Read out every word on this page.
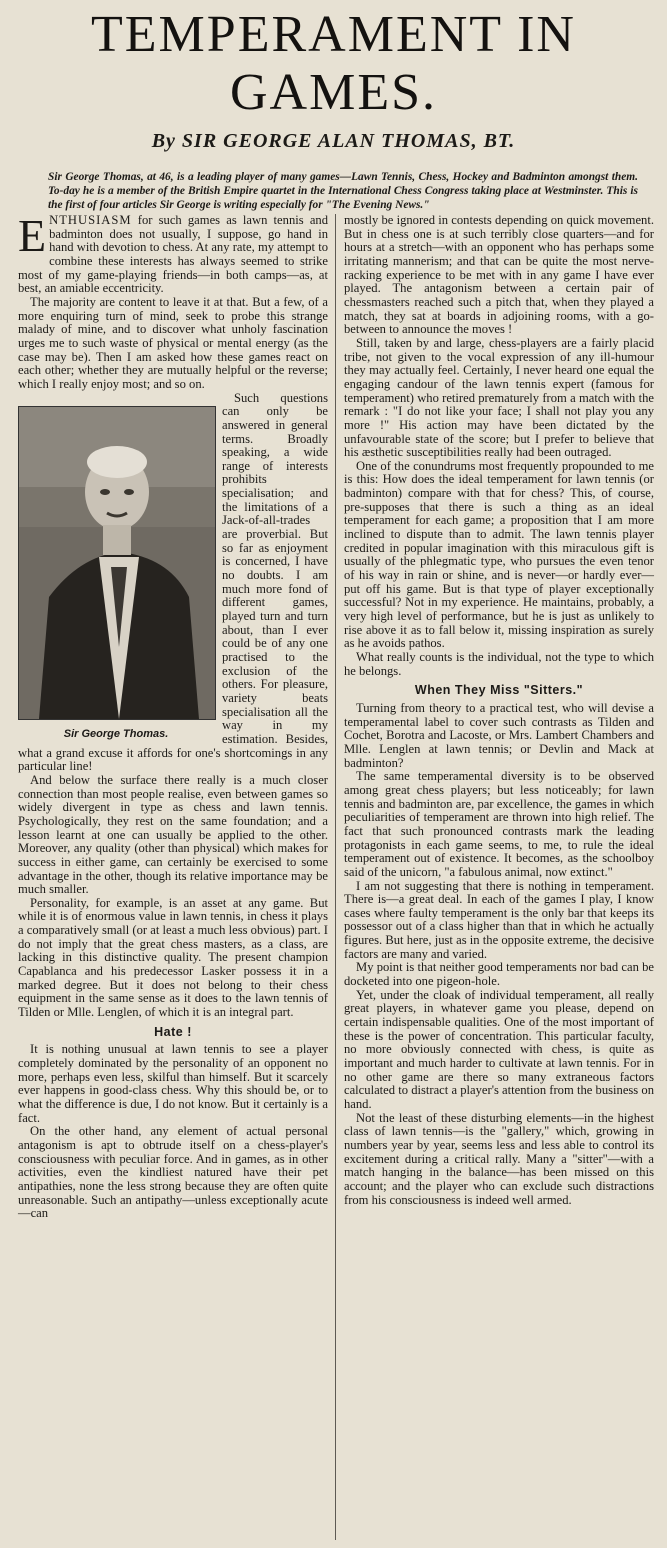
TEMPERAMENT IN
GAMES.
By SIR GEORGE ALAN THOMAS, BT.
Sir George Thomas, at 46, is a leading player of many games—Lawn Tennis, Chess, Hockey and Badminton amongst them. To-day he is a member of the British Empire quartet in the International Chess Congress taking place at Westminster. This is the first of four articles Sir George is writing especially for "The Evening News."

ENTHUSIASM for such games as lawn tennis and badminton does not usually, I suppose, go hand in hand with devotion to chess. At any rate, my attempt to combine these interests has always seemed to strike most of my game-playing friends—in both camps—as, at best, an amiable eccentricity.

The majority are content to leave it at that. But a few, of a more enquiring turn of mind, seek to probe this strange malady of mine, and to discover what unholy fascination urges me to such waste of physical or mental energy (as the case may be). Then I am asked how these games react on each other; whether they are mutually helpful or the reverse; which I really enjoy most; and so on.

Sir George Thomas.

Such questions can only be answered in general terms. Broadly speaking, a wide range of interests prohibits specialisation; and the limitations of a Jack-of-all-trades are proverbial. But so far as enjoyment is concerned, I have no doubts. I am much more fond of different games, played turn and turn about, than I ever could be of any one practised to the exclusion of the others. For pleasure, variety beats specialisation all the way in my estimation. Besides, what a grand excuse it affords for one's shortcomings in any particular line!

And below the surface there really is a much closer connection than most people realise, even between games so widely divergent in type as chess and lawn tennis. Psychologically, they rest on the same foundation; and a lesson learnt at one can usually be applied to the other. Moreover, any quality (other than physical) which makes for success in either game, can certainly be exercised to some advantage in the other, though its relative importance may be much smaller.

Personality, for example, is an asset at any game. But while it is of enormous value in lawn tennis, in chess it plays a comparatively small (or at least a much less obvious) part. I do not imply that the great chess masters, as a class, are lacking in this distinctive quality. The present champion Capablanca and his predecessor Lasker possess it in a marked degree. But it does not belong to their chess equipment in the same sense as it does to the lawn tennis of Tilden or Mlle. Lenglen, of which it is an integral part.

Hate !

It is nothing unusual at lawn tennis to see a player completely dominated by the personality of an opponent no more, perhaps even less, skilful than himself. But it scarcely ever happens in good-class chess. Why this should be, or to what the difference is due, I do not know. But it certainly is a fact.

On the other hand, any element of actual personal antagonism is apt to obtrude itself on a chess-player's consciousness with peculiar force. And in games, as in other activities, even the kindliest natured have their pet antipathies, none the less strong because they are often quite unreasonable. Such an antipathy—unless exceptionally acute—can

mostly be ignored in contests depending on quick movement. But in chess one is at such terribly close quarters—and for hours at a stretch—with an opponent who has perhaps some irritating mannerism; and that can be quite the most nerve-racking experience to be met with in any game I have ever played. The antagonism between a certain pair of chessmasters reached such a pitch that, when they played a match, they sat at boards in adjoining rooms, with a go-between to announce the moves !

Still, taken by and large, chess-players are a fairly placid tribe, not given to the vocal expression of any ill-humour they may actually feel. Certainly, I never heard one equal the engaging candour of the lawn tennis expert (famous for temperament) who retired prematurely from a match with the remark : "I do not like your face; I shall not play you any more !" His action may have been dictated by the unfavourable state of the score; but I prefer to believe that his æsthetic susceptibilities really had been outraged.

One of the conundrums most frequently propounded to me is this: How does the ideal temperament for lawn tennis (or badminton) compare with that for chess? This, of course, pre-supposes that there is such a thing as an ideal temperament for each game; a proposition that I am more inclined to dispute than to admit. The lawn tennis player credited in popular imagination with this miraculous gift is usually of the phlegmatic type, who pursues the even tenor of his way in rain or shine, and is never—or hardly ever—put off his game. But is that type of player exceptionally successful? Not in my experience. He maintains, probably, a very high level of performance, but he is just as unlikely to rise above it as to fall below it, missing inspiration as surely as he avoids pathos.

What really counts is the individual, not the type to which he belongs.

When They Miss "Sitters."

Turning from theory to a practical test, who will devise a temperamental label to cover such contrasts as Tilden and Cochet, Borotra and Lacoste, or Mrs. Lambert Chambers and Mlle. Lenglen at lawn tennis; or Devlin and Mack at badminton?

The same temperamental diversity is to be observed among great chess players; but less noticeably; for lawn tennis and badminton are, par excellence, the games in which peculiarities of temperament are thrown into high relief. The fact that such pronounced contrasts mark the leading protagonists in each game seems, to me, to rule the ideal temperament out of existence. It becomes, as the schoolboy said of the unicorn, "a fabulous animal, now extinct."

I am not suggesting that there is nothing in temperament. There is—a great deal. In each of the games I play, I know cases where faulty temperament is the only bar that keeps its possessor out of a class higher than that in which he actually figures. But here, just as in the opposite extreme, the decisive factors are many and varied.

My point is that neither good temperaments nor bad can be docketed into one pigeon-hole.

Yet, under the cloak of individual temperament, all really great players, in whatever game you please, depend on certain indispensable qualities. One of the most important of these is the power of concentration. This particular faculty, no more obviously connected with chess, is quite as important and much harder to cultivate at lawn tennis. For in no other game are there so many extraneous factors calculated to distract a player's attention from the business on hand.

Not the least of these disturbing elements—in the highest class of lawn tennis—is the "gallery," which, growing in numbers year by year, seems less and less able to control its excitement during a critical rally. Many a "sitter"—with a match hanging in the balance—has been missed on this account; and the player who can exclude such distractions from his consciousness is indeed well armed.
